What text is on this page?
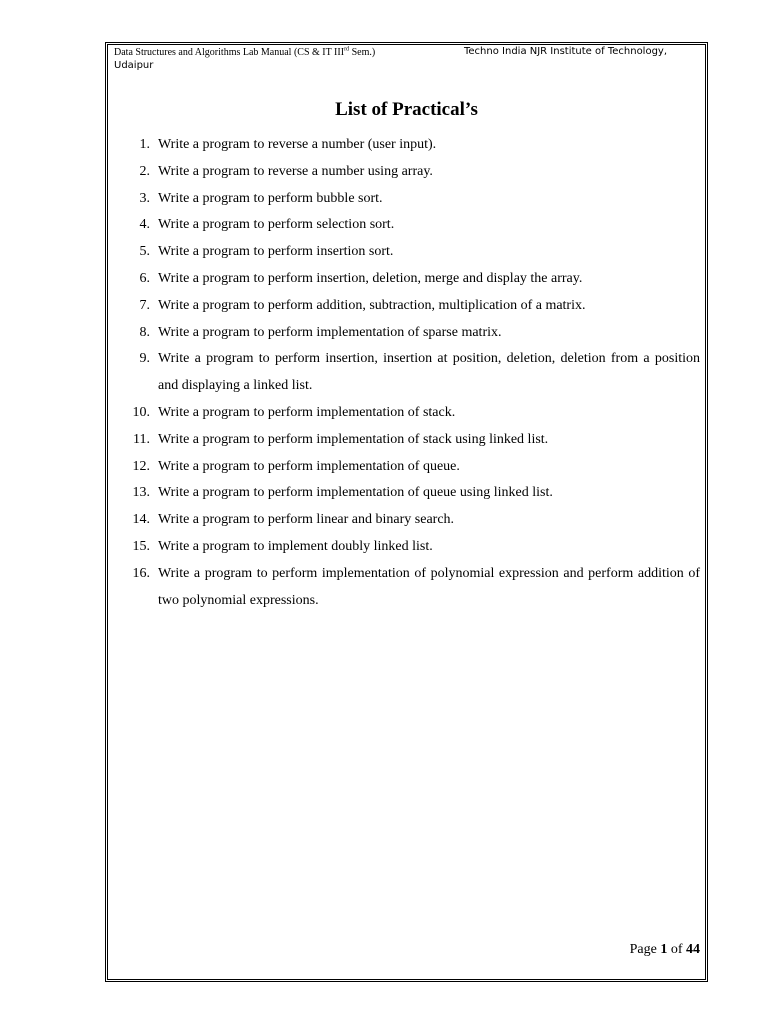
Data Structures and Algorithms Lab Manual (CS & IT IIIrd Sem.)	Techno India NJR Institute of Technology,
Udaipur
List of Practical’s
1. Write a program to reverse a number (user input).
2. Write a program to reverse a number using array.
3. Write a program to perform bubble sort.
4. Write a program to perform selection sort.
5. Write a program to perform insertion sort.
6. Write a program to perform insertion, deletion, merge and display the array.
7. Write a program to perform addition, subtraction, multiplication of a matrix.
8. Write a program to perform implementation of sparse matrix.
9. Write a program to perform insertion, insertion at position, deletion, deletion from a position and displaying a linked list.
10. Write a program to perform implementation of stack.
11. Write a program to perform implementation of stack using linked list.
12. Write a program to perform implementation of queue.
13. Write a program to perform implementation of queue using linked list.
14. Write a program to perform linear and binary search.
15. Write a program to implement doubly linked list.
16. Write a program to perform implementation of polynomial expression and perform addition of two polynomial expressions.
Page 1 of 44
